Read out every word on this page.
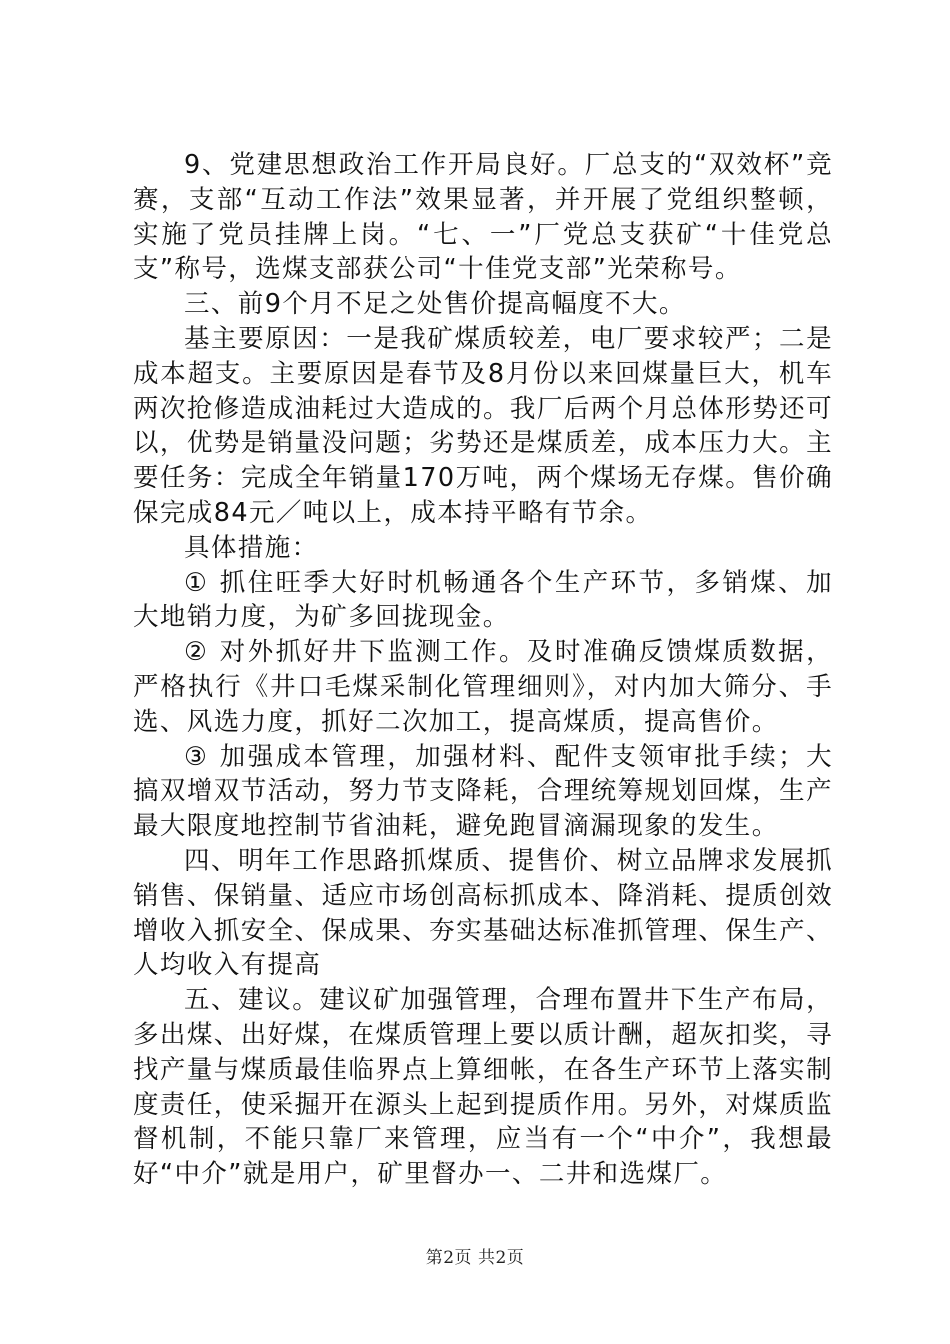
9、党建思想政治工作开局良好。厂总支的“双效杯”竞赛，支部“互动工作法”效果显著，并开展了党组织整顿，实施了党员挂牌上岗。“七、一”厂党总支获矿“十佳党总支”称号，选煤支部获公司“十佳党支部”光荣称号。

三、前9个月不足之处售价提高幅度不大。

基主要原因：一是我矿煤质较差，电厂要求较严；二是成本超支。主要原因是春节及8月份以来回煤量巨大，机车两次抢修造成油耗过大造成的。我厂后两个月总体形势还可以，优势是销量没问题；劣势还是煤质差，成本压力大。主要任务：完成全年销量170万吨，两个煤场无存煤。售价确保完成84元／吨以上，成本持平略有节余。

具体措施：

① 抓住旺季大好时机畅通各个生产环节，多销煤、加大地销力度，为矿多回拢现金。

② 对外抓好井下监测工作。及时准确反馈煤质数据，严格执行《井口毛煤采制化管理细则》，对内加大筛分、手选、风选力度，抓好二次加工，提高煤质，提高售价。

③ 加强成本管理，加强材料、配件支领审批手续；大搞双增双节活动，努力节支降耗，合理统筹规划回煤，生产最大限度地控制节省油耗，避免跑冒滴漏现象的发生。

四、明年工作思路抓煤质、提售价、树立品牌求发展抓销售、保销量、适应市场创高标抓成本、降消耗、提质创效增收入抓安全、保成果、夯实基础达标准抓管理、保生产、人均收入有提高

五、建议。建议矿加强管理，合理布置井下生产布局，多出煤、出好煤，在煤质管理上要以质计酬，超灰扣奖，寻找产量与煤质最佳临界点上算细帐，在各生产环节上落实制度责任，使采掘开在源头上起到提质作用。另外，对煤质监督机制，不能只靠厂来管理，应当有一个“中介”，我想最好“中介”就是用户，矿里督办一、二井和选煤厂。

第2页 共2页
